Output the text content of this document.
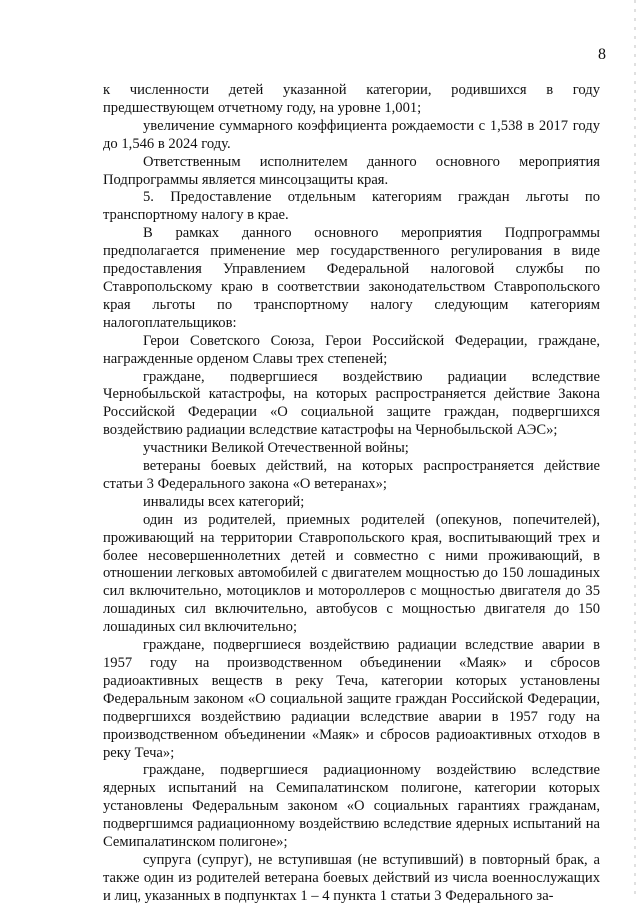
8

к численности детей указанной категории, родившихся в году предшествующем отчетному году, на уровне 1,001;

увеличение суммарного коэффициента рождаемости с 1,538 в 2017 году до 1,546 в 2024 году.

Ответственным исполнителем данного основного мероприятия Подпрограммы является минсоцзащиты края.

5. Предоставление отдельным категориям граждан льготы по транспортному налогу в крае.

В рамках данного основного мероприятия Подпрограммы предполагается применение мер государственного регулирования в виде предоставления Управлением Федеральной налоговой службы по Ставропольскому краю в соответствии законодательством Ставропольского края льготы по транспортному налогу следующим категориям налогоплательщиков:

Герои Советского Союза, Герои Российской Федерации, граждане, награжденные орденом Славы трех степеней;

граждане, подвергшиеся воздействию радиации вследствие Чернобыльской катастрофы, на которых распространяется действие Закона Российской Федерации «О социальной защите граждан, подвергшихся воздействию радиации вследствие катастрофы на Чернобыльской АЭС»;

участники Великой Отечественной войны;

ветераны боевых действий, на которых распространяется действие статьи 3 Федерального закона «О ветеранах»;

инвалиды всех категорий;

один из родителей, приемных родителей (опекунов, попечителей), проживающий на территории Ставропольского края, воспитывающий трех и более несовершеннолетних детей и совместно с ними проживающий, в отношении легковых автомобилей с двигателем мощностью до 150 лошадиных сил включительно, мотоциклов и мотороллеров с мощностью двигателя до 35 лошадиных сил включительно, автобусов с мощностью двигателя до 150 лошадиных сил включительно;

граждане, подвергшиеся воздействию радиации вследствие аварии в 1957 году на производственном объединении «Маяк» и сбросов радиоактивных веществ в реку Теча, категории которых установлены Федеральным законом «О социальной защите граждан Российской Федерации, подвергшихся воздействию радиации вследствие аварии в 1957 году на производственном объединении «Маяк» и сбросов радиоактивных отходов в реку Теча»;

граждане, подвергшиеся радиационному воздействию вследствие ядерных испытаний на Семипалатинском полигоне, категории которых установлены Федеральным законом «О социальных гарантиях гражданам, подвергшимся радиационному воздействию вследствие ядерных испытаний на Семипалатинском полигоне»;

супруга (супруг), не вступившая (не вступивший) в повторный брак, а также один из родителей ветерана боевых действий из числа военнослужащих и лиц, указанных в подпунктах 1 – 4 пункта 1 статьи 3 Федерального за-
